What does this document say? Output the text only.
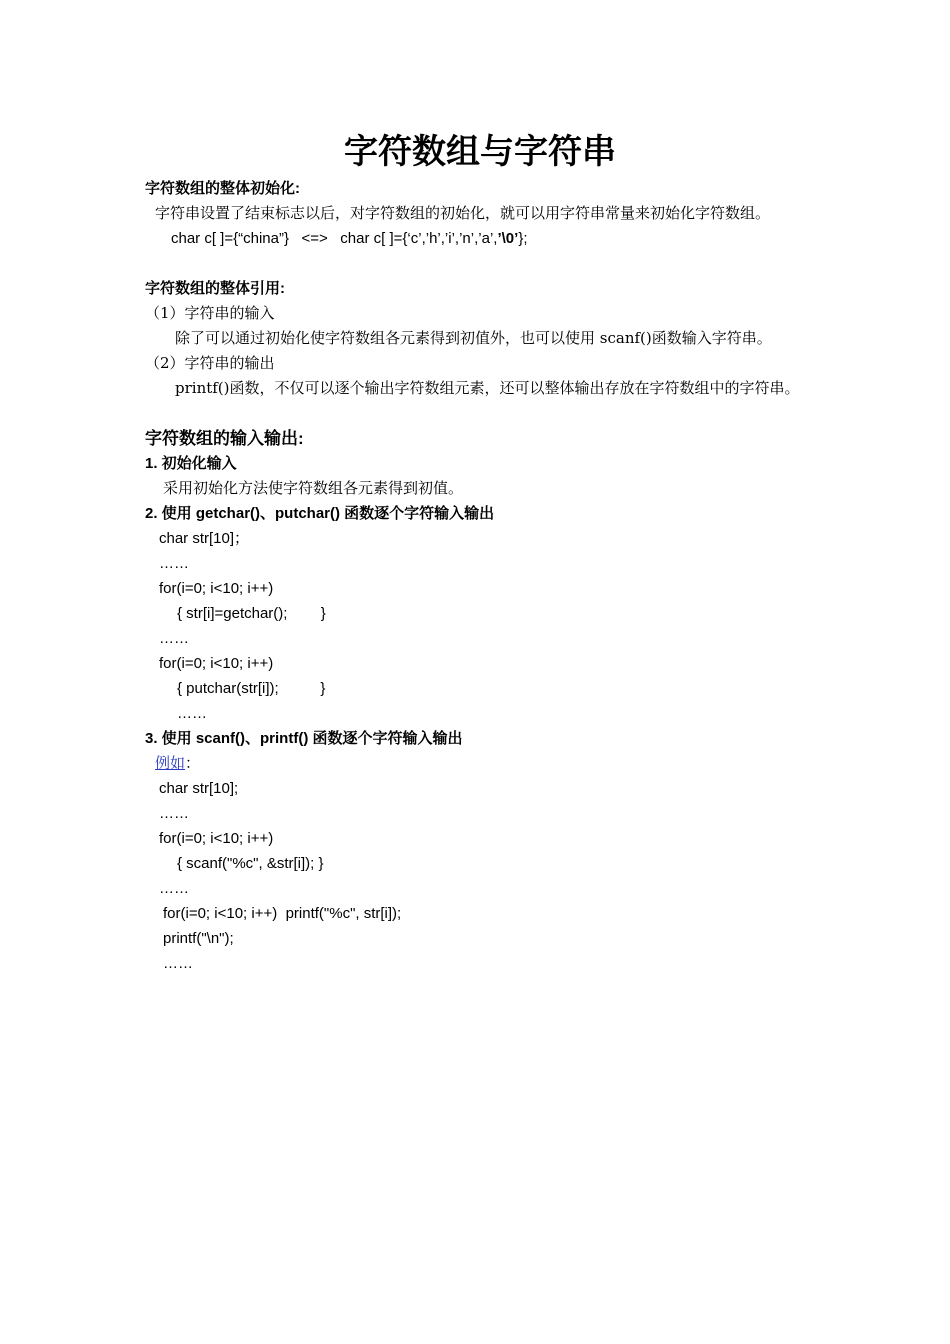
字符数组与字符串
字符数组的整体初始化:
字符串设置了结束标志以后，对字符数组的初始化，就可以用字符串常量来初始化字符数组。
char c[ ]={“china”} <=> char c[ ]={‘c’,’h’,’i’,’n’,’a’,’\0’};
字符数组的整体引用:
（1）字符串的输入
除了可以通过初始化使字符数组各元素得到初值外，也可以使用 scanf()函数输入字符串。
（2）字符串的输出
printf()函数，不仅可以逐个输出字符数组元素，还可以整体输出存放在字符数组中的字符串。
字符数组的输入输出:
1. 初始化输入
采用初始化方法使字符数组各元素得到初值。
2. 使用 getchar()、putchar() 函数逐个字符输入输出
char str[10]；
……
for(i=0; i<10; i++)
{ str[i]=getchar();        }
……
for(i=0; i<10; i++)
{ putchar(str[i]);          }
……
3. 使用 scanf()、printf() 函数逐个字符输入输出
例如：
char str[10];
……
for(i=0; i<10; i++)
{ scanf("%c", &str[i]); }
……
for(i=0; i<10; i++)  printf("%c", str[i]);
printf("\n");
……
